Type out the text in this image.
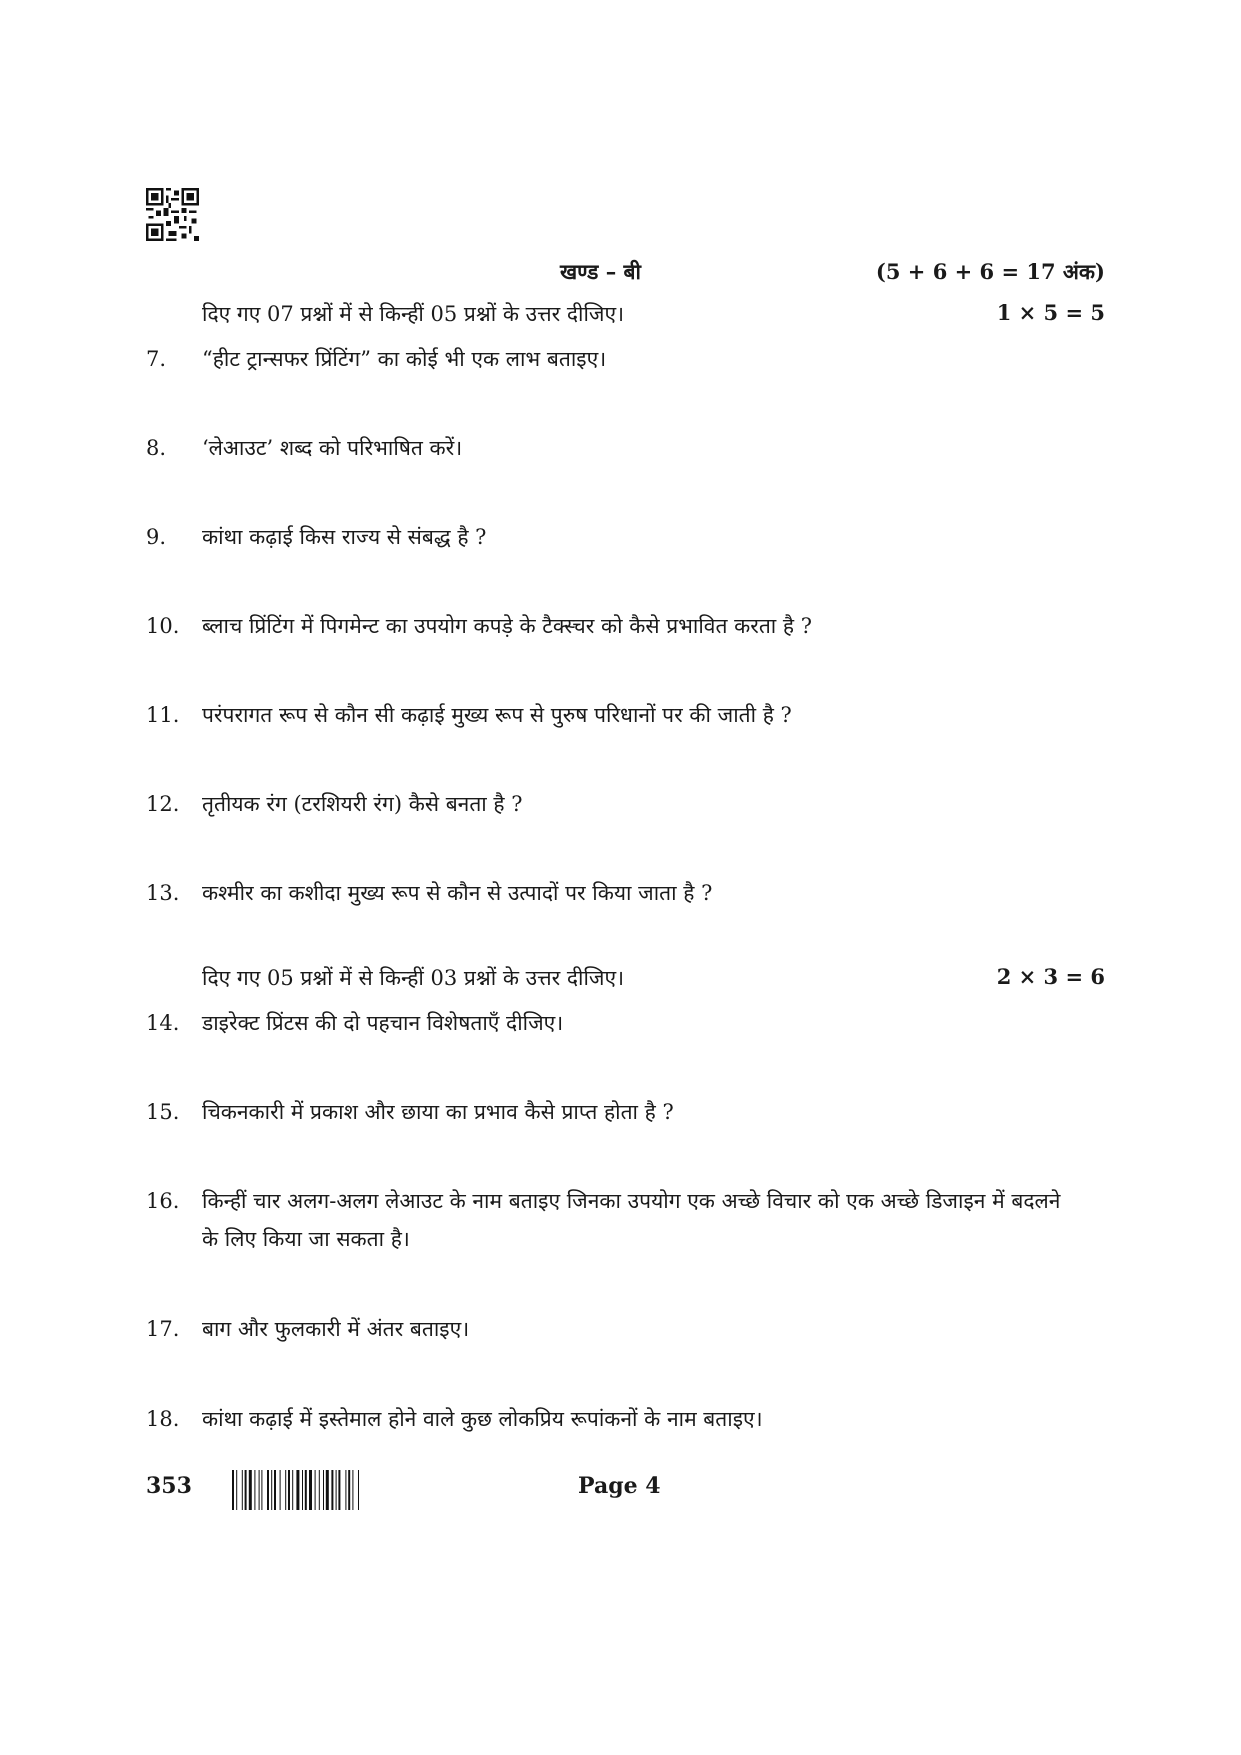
खण्ड – बी	(5 + 6 + 6 = 17 अंक)
दिए गए 07 प्रश्नों में से किन्हीं 05 प्रश्नों के उत्तर दीजिए।	1 × 5 = 5
7.	“हीट ट्रान्सफर प्रिंटिंग” का कोई भी एक लाभ बताइए।
8.	‘लेआउट’ शब्द को परिभाषित करें।
9.	कांथा कढ़ाई किस राज्य से संबद्ध है ?
10.	ब्लाच प्रिंटिंग में पिगमेन्ट का उपयोग कपड़े के टैक्स्चर को कैसे प्रभावित करता है ?
11.	परंपरागत रूप से कौन सी कढ़ाई मुख्य रूप से पुरुष परिधानों पर की जाती है ?
12.	तृतीयक रंग (टरशियरी रंग) कैसे बनता है ?
13.	कश्मीर का कशीदा मुख्य रूप से कौन से उत्पादों पर किया जाता है ?
दिए गए 05 प्रश्नों में से किन्हीं 03 प्रश्नों के उत्तर दीजिए।	2 × 3 = 6
14.	डाइरेक्ट प्रिंटस की दो पहचान विशेषताएँ दीजिए।
15.	चिकनकारी में प्रकाश और छाया का प्रभाव कैसे प्राप्त होता है ?
16.	किन्हीं चार अलग-अलग लेआउट के नाम बताइए जिनका उपयोग एक अच्छे विचार को एक अच्छे डिजाइन में बदलने के लिए किया जा सकता है।
17.	बाग और फुलकारी में अंतर बताइए।
18.	कांथा कढ़ाई में इस्तेमाल होने वाले कुछ लोकप्रिय रूपांकनों के नाम बताइए।
353	Page 4
